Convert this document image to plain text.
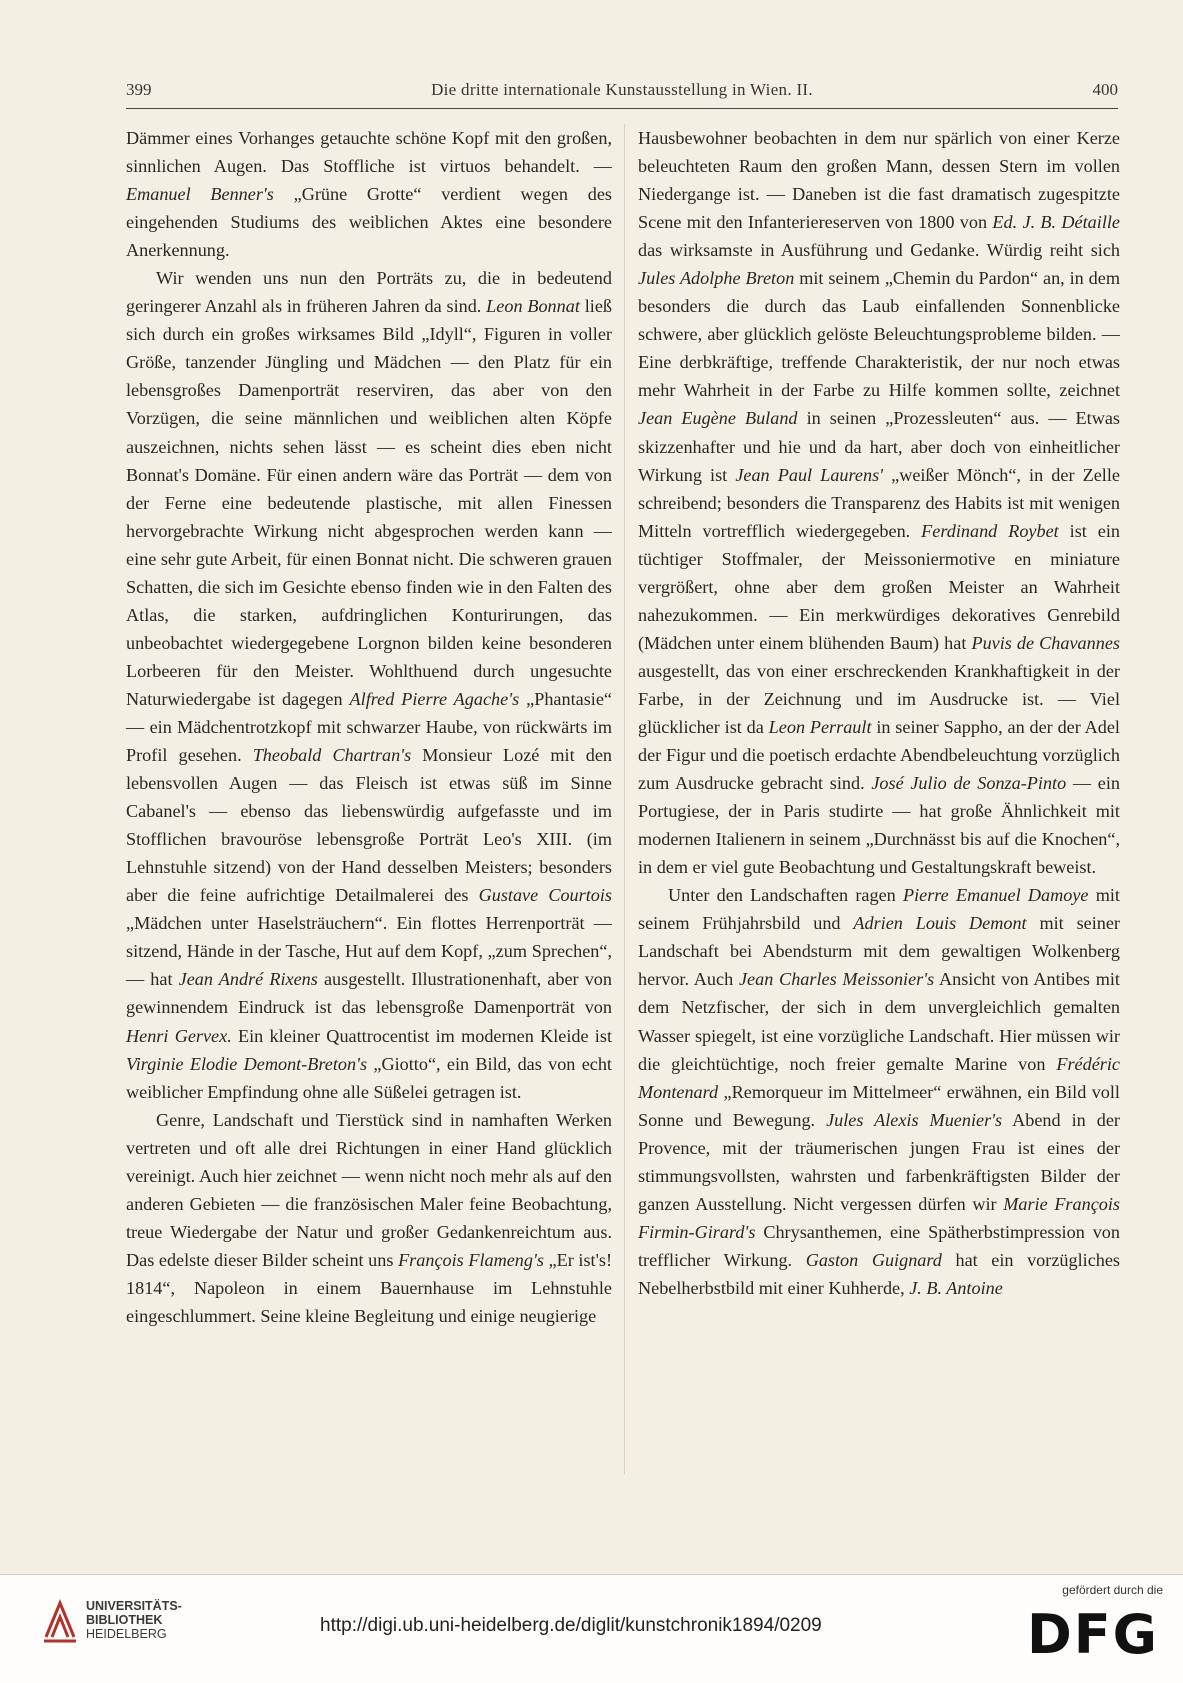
399	Die dritte internationale Kunstausstellung in Wien. II.	400

Dämmer eines Vorhanges getauchte schöne Kopf mit den großen, sinnlichen Augen. Das Stoffliche ist virtuos behandelt. — Emanuel Benner's „Grüne Grotte“ verdient wegen des eingehenden Studiums des weiblichen Aktes eine besondere Anerkennung.

Wir wenden uns nun den Porträts zu, die in bedeutend geringerer Anzahl als in früheren Jahren da sind. Leon Bonnat ließ sich durch ein großes wirksames Bild „Idyll“, Figuren in voller Größe, tanzender Jüngling und Mädchen — den Platz für ein lebensgroßes Damenporträt reserviren, das aber von den Vorzügen, die seine männlichen und weiblichen alten Köpfe auszeichnen, nichts sehen lässt — es scheint dies eben nicht Bonnat's Domäne. Für einen andern wäre das Porträt — dem von der Ferne eine bedeutende plastische, mit allen Finessen hervorgebrachte Wirkung nicht abgesprochen werden kann — eine sehr gute Arbeit, für einen Bonnat nicht. Die schweren grauen Schatten, die sich im Gesichte ebenso finden wie in den Falten des Atlas, die starken, aufdringlichen Konturirungen, das unbeobachtet wiedergegebene Lorgnon bilden keine besonderen Lorbeeren für den Meister. Wohlthuend durch ungesuchte Naturwiedergabe ist dagegen Alfred Pierre Agache's „Phantasie“ — ein Mädchentrotzkopf mit schwarzer Haube, von rückwärts im Profil gesehen. Theobald Chartran's Monsieur Lozé mit den lebensvollen Augen — das Fleisch ist etwas süß im Sinne Cabanel's — ebenso das liebenswürdig aufgefasste und im Stofflichen bravouröse lebensgroße Porträt Leo's XIII. (im Lehnstuhle sitzend) von der Hand desselben Meisters; besonders aber die feine aufrichtige Detailmalerei des Gustave Courtois „Mädchen unter Haselsträuchern“. Ein flottes Herrenporträt — sitzend, Hände in der Tasche, Hut auf dem Kopf, „zum Sprechen“, — hat Jean André Rixens ausgestellt. Illustrationenhaft, aber von gewinnendem Eindruck ist das lebensgroße Damenporträt von Henri Gervex. Ein kleiner Quattrocentist im modernen Kleide ist Virginie Elodie Demont-Breton's „Giotto“, ein Bild, das von echt weiblicher Empfindung ohne alle Süßelei getragen ist.

Genre, Landschaft und Tierstück sind in namhaften Werken vertreten und oft alle drei Richtungen in einer Hand glücklich vereinigt. Auch hier zeichnet — wenn nicht noch mehr als auf den anderen Gebieten — die französischen Maler feine Beobachtung, treue Wiedergabe der Natur und großer Gedankenreichtum aus. Das edelste dieser Bilder scheint uns François Flameng's „Er ist's! 1814“, Napoleon in einem Bauernhause im Lehnstuhle eingeschlummert. Seine kleine Begleitung und einige neugierige

Hausbewohner beobachten in dem nur spärlich von einer Kerze beleuchteten Raum den großen Mann, dessen Stern im vollen Niedergange ist. — Daneben ist die fast dramatisch zugespitzte Scene mit den Infanteriereserven von 1800 von Ed. J. B. Détaille das wirksamste in Ausführung und Gedanke. Würdig reiht sich Jules Adolphe Breton mit seinem „Chemin du Pardon“ an, in dem besonders die durch das Laub einfallenden Sonnenblicke schwere, aber glücklich gelöste Beleuchtungsprobleme bilden. — Eine derbkräftige, treffende Charakteristik, der nur noch etwas mehr Wahrheit in der Farbe zu Hilfe kommen sollte, zeichnet Jean Eugène Buland in seinen „Prozessleuten“ aus. — Etwas skizzenhafter und hie und da hart, aber doch von einheitlicher Wirkung ist Jean Paul Laurens' „weißer Mönch“, in der Zelle schreibend; besonders die Transparenz des Habits ist mit wenigen Mitteln vortrefflich wiedergegeben. Ferdinand Roybet ist ein tüchtiger Stoffmaler, der Meissoniermotive en miniature vergrößert, ohne aber dem großen Meister an Wahrheit nahezukommen. — Ein merkwürdiges dekoratives Genrebild (Mädchen unter einem blühenden Baum) hat Puvis de Chavannes ausgestellt, das von einer erschreckenden Krankhaftigkeit in der Farbe, in der Zeichnung und im Ausdrucke ist. — Viel glücklicher ist da Leon Perrault in seiner Sappho, an der der Adel der Figur und die poetisch erdachte Abendbeleuchtung vorzüglich zum Ausdrucke gebracht sind. José Julio de Sonza-Pinto — ein Portugiese, der in Paris studirte — hat große Ähnlichkeit mit modernen Italienern in seinem „Durchnässt bis auf die Knochen“, in dem er viel gute Beobachtung und Gestaltungskraft beweist.

Unter den Landschaften ragen Pierre Emanuel Damoye mit seinem Frühjahrsbild und Adrien Louis Demont mit seiner Landschaft bei Abendsturm mit dem gewaltigen Wolkenberg hervor. Auch Jean Charles Meissonier's Ansicht von Antibes mit dem Netzfischer, der sich in dem unvergleichlich gemalten Wasser spiegelt, ist eine vorzügliche Landschaft. Hier müssen wir die gleichtüchtige, noch freier gemalte Marine von Frédéric Montenard „Remorqueur im Mittelmeer“ erwähnen, ein Bild voll Sonne und Bewegung. Jules Alexis Muenier's Abend in der Provence, mit der träumerischen jungen Frau ist eines der stimmungsvollsten, wahrsten und farbenkräftigsten Bilder der ganzen Ausstellung. Nicht vergessen dürfen wir Marie François Firmin-Girard's Chrysanthemen, eine Spätherbstimpression von trefflicher Wirkung. Gaston Guignard hat ein vorzügliches Nebelherbstbild mit einer Kuhherde, J. B. Antoine

UNIVERSITÄTS-
BIBLIOTHEK
HEIDELBERG	http://digi.ub.uni-heidelberg.de/diglit/kunstchronik1894/0209
gefördert durch die
DFG
